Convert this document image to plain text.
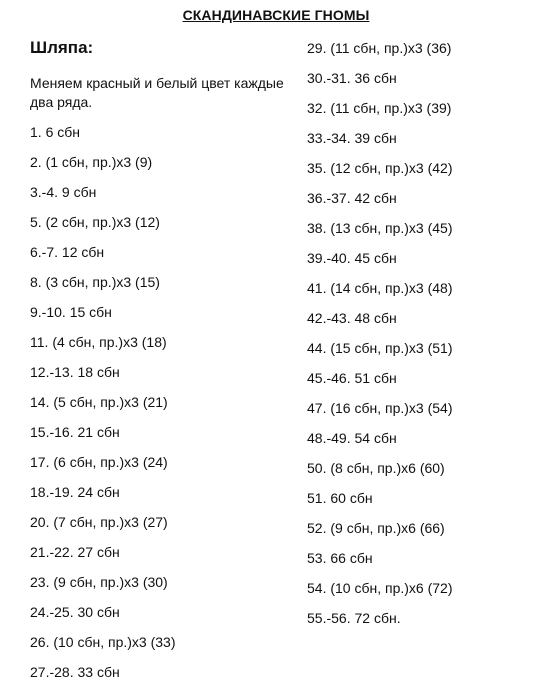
СКАНДИНАВСКИЕ ГНОМЫ
Шляпа:
Меняем красный и белый цвет каждые два ряда.
1. 6 сбн
2. (1 сбн, пр.)х3 (9)
3.-4. 9 сбн
5. (2 сбн, пр.)х3 (12)
6.-7. 12 сбн
8. (3 сбн, пр.)х3 (15)
9.-10. 15 сбн
11. (4 сбн, пр.)х3 (18)
12.-13. 18 сбн
14. (5 сбн, пр.)х3 (21)
15.-16. 21 сбн
17. (6 сбн, пр.)х3 (24)
18.-19. 24 сбн
20. (7 сбн, пр.)х3 (27)
21.-22. 27 сбн
23. (9 сбн, пр.)х3 (30)
24.-25. 30 сбн
26. (10 сбн, пр.)х3 (33)
27.-28. 33 сбн
29. (11 сбн, пр.)х3 (36)
30.-31. 36 сбн
32. (11 сбн, пр.)х3 (39)
33.-34. 39 сбн
35. (12 сбн, пр.)х3 (42)
36.-37. 42 сбн
38. (13 сбн, пр.)х3 (45)
39.-40. 45 сбн
41. (14 сбн, пр.)х3 (48)
42.-43. 48 сбн
44. (15 сбн, пр.)х3 (51)
45.-46. 51 сбн
47. (16 сбн, пр.)х3 (54)
48.-49. 54 сбн
50. (8 сбн, пр.)х6 (60)
51. 60 сбн
52. (9 сбн, пр.)х6 (66)
53. 66 сбн
54. (10 сбн, пр.)х6 (72)
55.-56. 72 сбн.
